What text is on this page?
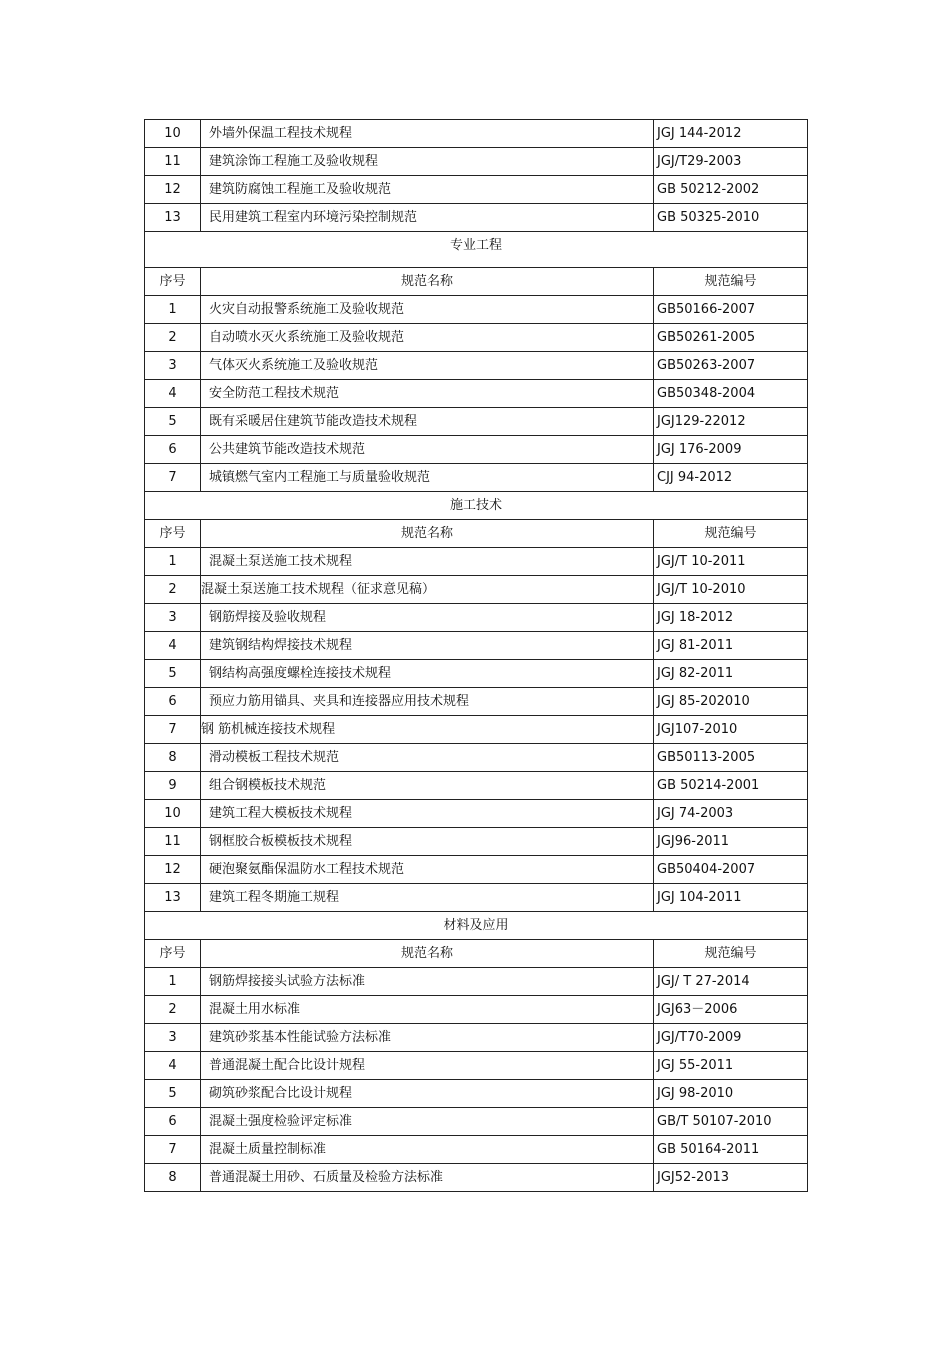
10	外墙外保温工程技术规程	JGJ 144-2012
11	建筑涂饰工程施工及验收规程	JGJ/T29-2003
12	建筑防腐蚀工程施工及验收规范	GB 50212-2002
13	民用建筑工程室内环境污染控制规范	GB 50325-2010
专业工程		
序号	规范名称	规范编号
1	火灾自动报警系统施工及验收规范	GB50166-2007
2	自动喷水灭火系统施工及验收规范	GB50261-2005
3	气体灭火系统施工及验收规范	GB50263-2007
4	安全防范工程技术规范	GB50348-2004
5	既有采暖居住建筑节能改造技术规程	JGJ129-22012
6	公共建筑节能改造技术规范	JGJ 176-2009
7	城镇燃气室内工程施工与质量验收规范	CJJ 94-2012
施工技术		
序号	规范名称	规范编号
1	混凝土泵送施工技术规程	JGJ/T 10-2011
2	混凝土泵送施工技术规程（征求意见稿）	JGJ/T 10-2010
3	钢筋焊接及验收规程	JGJ 18-2012
4	建筑钢结构焊接技术规程	JGJ 81-2011
5	钢结构高强度螺栓连接技术规程	JGJ 82-2011
6	预应力筋用锚具、夹具和连接器应用技术规程	JGJ 85-202010
7	钢 筋机械连接技术规程	JGJ107-2010
8	滑动模板工程技术规范	GB50113-2005
9	组合钢模板技术规范	GB 50214-2001
10	建筑工程大模板技术规程	JGJ 74-2003
11	钢框胶合板模板技术规程	JGJ96-2011
12	硬泡聚氨酯保温防水工程技术规范	GB50404-2007
13	建筑工程冬期施工规程	JGJ 104-2011
材料及应用		
序号	规范名称	规范编号
1	钢筋焊接接头试验方法标准	JGJ/ T 27-2014
2	混凝土用水标准	JGJ63－2006
3	建筑砂浆基本性能试验方法标准	JGJ/T70-2009
4	普通混凝土配合比设计规程	JGJ 55-2011
5	砌筑砂浆配合比设计规程	JGJ 98-2010
6	混凝土强度检验评定标准	GB/T 50107-2010
7	混凝土质量控制标准	GB 50164-2011
8	普通混凝土用砂、石质量及检验方法标准	JGJ52-2013
